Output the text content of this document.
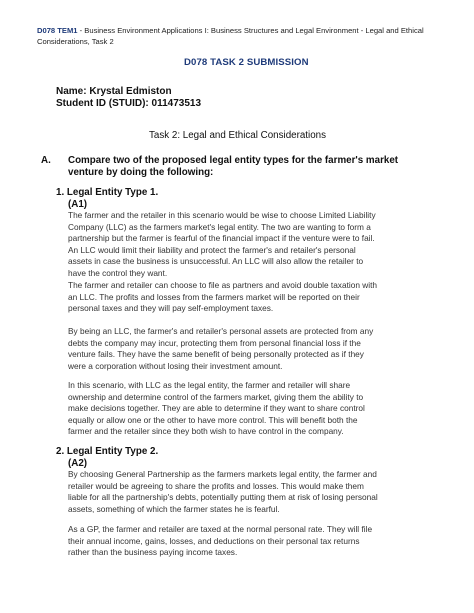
D078 TEM1 - Business Environment Applications I: Business Structures and Legal Environment - Legal and Ethical
Considerations, Task 2
D078 TASK 2 SUBMISSION
Name: Krystal Edmiston
Student ID (STUID): 011473513
Task 2: Legal and Ethical Considerations
A. Compare two of the proposed legal entity types for the farmer's market
venture by doing the following:
1. Legal Entity Type 1.
(A1)
The farmer and the retailer in this scenario would be wise to choose Limited Liability
Company (LLC) as the farmers market's legal entity. The two are wanting to form a
partnership but the farmer is fearful of the financial impact if the venture were to fail.
An LLC would limit their liability and protect the farmer's and retailer's personal
assets in case the business is unsuccessful. An LLC will also allow the retailer to
have the control they want.
The farmer and retailer can choose to file as partners and avoid double taxation with
an LLC. The profits and losses from the farmers market will be reported on their
personal taxes and they will pay self-employment taxes.
By being an LLC, the farmer's and retailer's personal assets are protected from any
debts the company may incur, protecting them from personal financial loss if the
venture fails. They have the same benefit of being personally protected as if they
were a corporation without losing their investment amount.
In this scenario, with LLC as the legal entity, the farmer and retailer will share
ownership and determine control of the farmers market, giving them the ability to
make decisions together. They are able to determine if they want to share control
equally or allow one or the other to have more control. This will benefit both the
farmer and the retailer since they both wish to have control in the company.
2. Legal Entity Type 2.
(A2)
By choosing General Partnership as the farmers markets legal entity, the farmer and
retailer would be agreeing to share the profits and losses. This would make them
liable for all the partnership's debts, potentially putting them at risk of losing personal
assets, something of which the farmer states he is fearful.
As a GP, the farmer and retailer are taxed at the normal personal rate. They will file
their annual income, gains, losses, and deductions on their personal tax returns
rather than the business paying income taxes.
